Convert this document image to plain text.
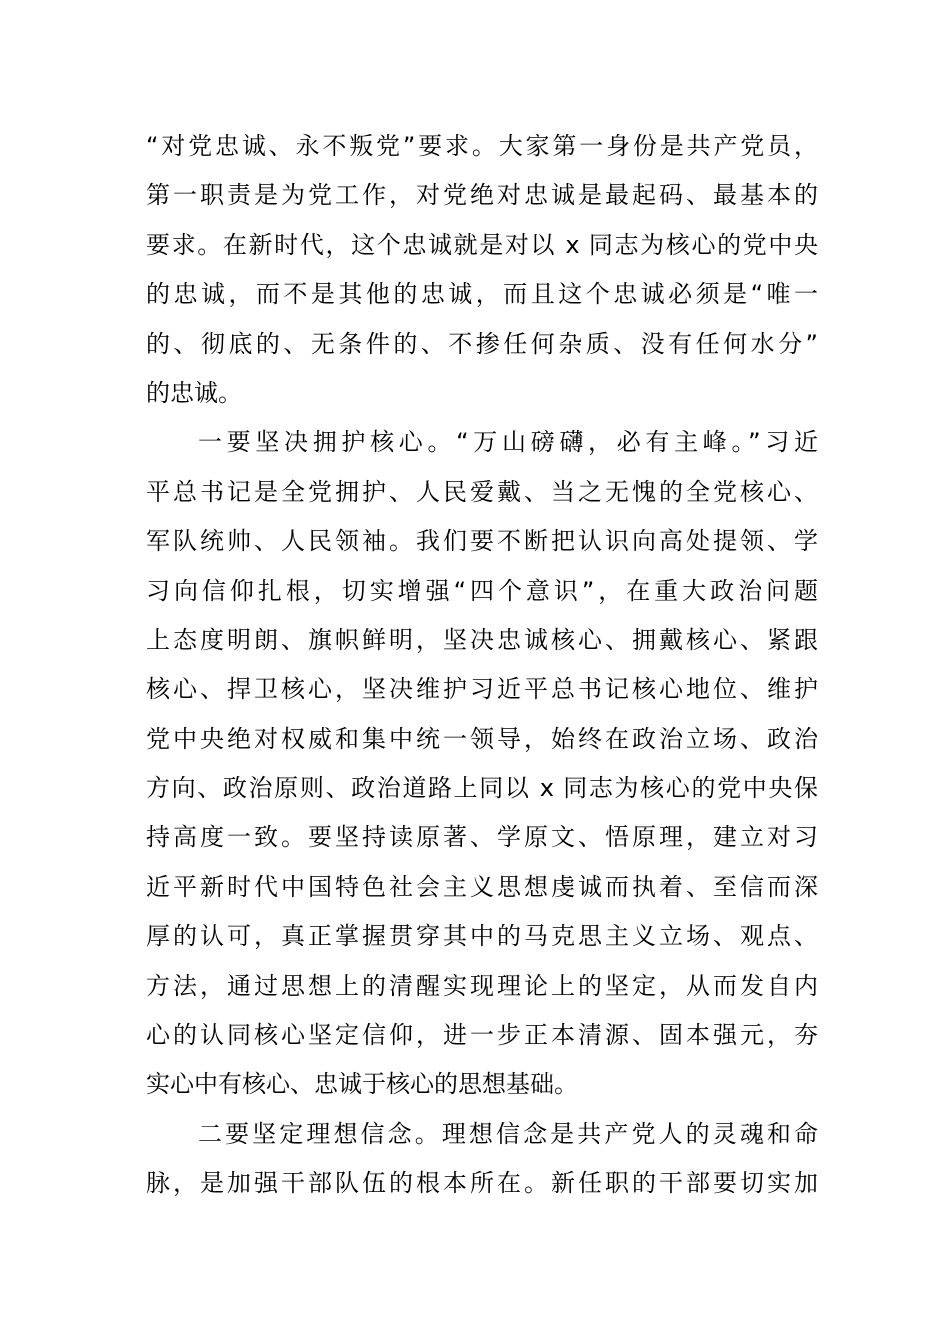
“对党忠诚、永不叛党”要求。大家第一身份是共产党员，
第一职责是为党工作，对党绝对忠诚是最起码、最基本的
要求。在新时代，这个忠诚就是对以 x 同志为核心的党中央
的忠诚，而不是其他的忠诚，而且这个忠诚必须是“唯一
的、彻底的、无条件的、不掺任何杂质、没有任何水分”
的忠诚。
一要坚决拥护核心。“万山磅礴，必有主峰。”习近
平总书记是全党拥护、人民爱戴、当之无愧的全党核心、
军队统帅、人民领袖。我们要不断把认识向高处提领、学
习向信仰扎根，切实增强“四个意识”，在重大政治问题
上态度明朗、旗帜鲜明，坚决忠诚核心、拥戴核心、紧跟
核心、捍卫核心，坚决维护习近平总书记核心地位、维护
党中央绝对权威和集中统一领导，始终在政治立场、政治
方向、政治原则、政治道路上同以 x 同志为核心的党中央保
持高度一致。要坚持读原著、学原文、悟原理，建立对习
近平新时代中国特色社会主义思想虔诚而执着、至信而深
厚的认可，真正掌握贯穿其中的马克思主义立场、观点、
方法，通过思想上的清醒实现理论上的坚定，从而发自内
心的认同核心坚定信仰，进一步正本清源、固本强元，夯
实心中有核心、忠诚于核心的思想基础。
二要坚定理想信念。理想信念是共产党人的灵魂和命
脉，是加强干部队伍的根本所在。新任职的干部要切实加
